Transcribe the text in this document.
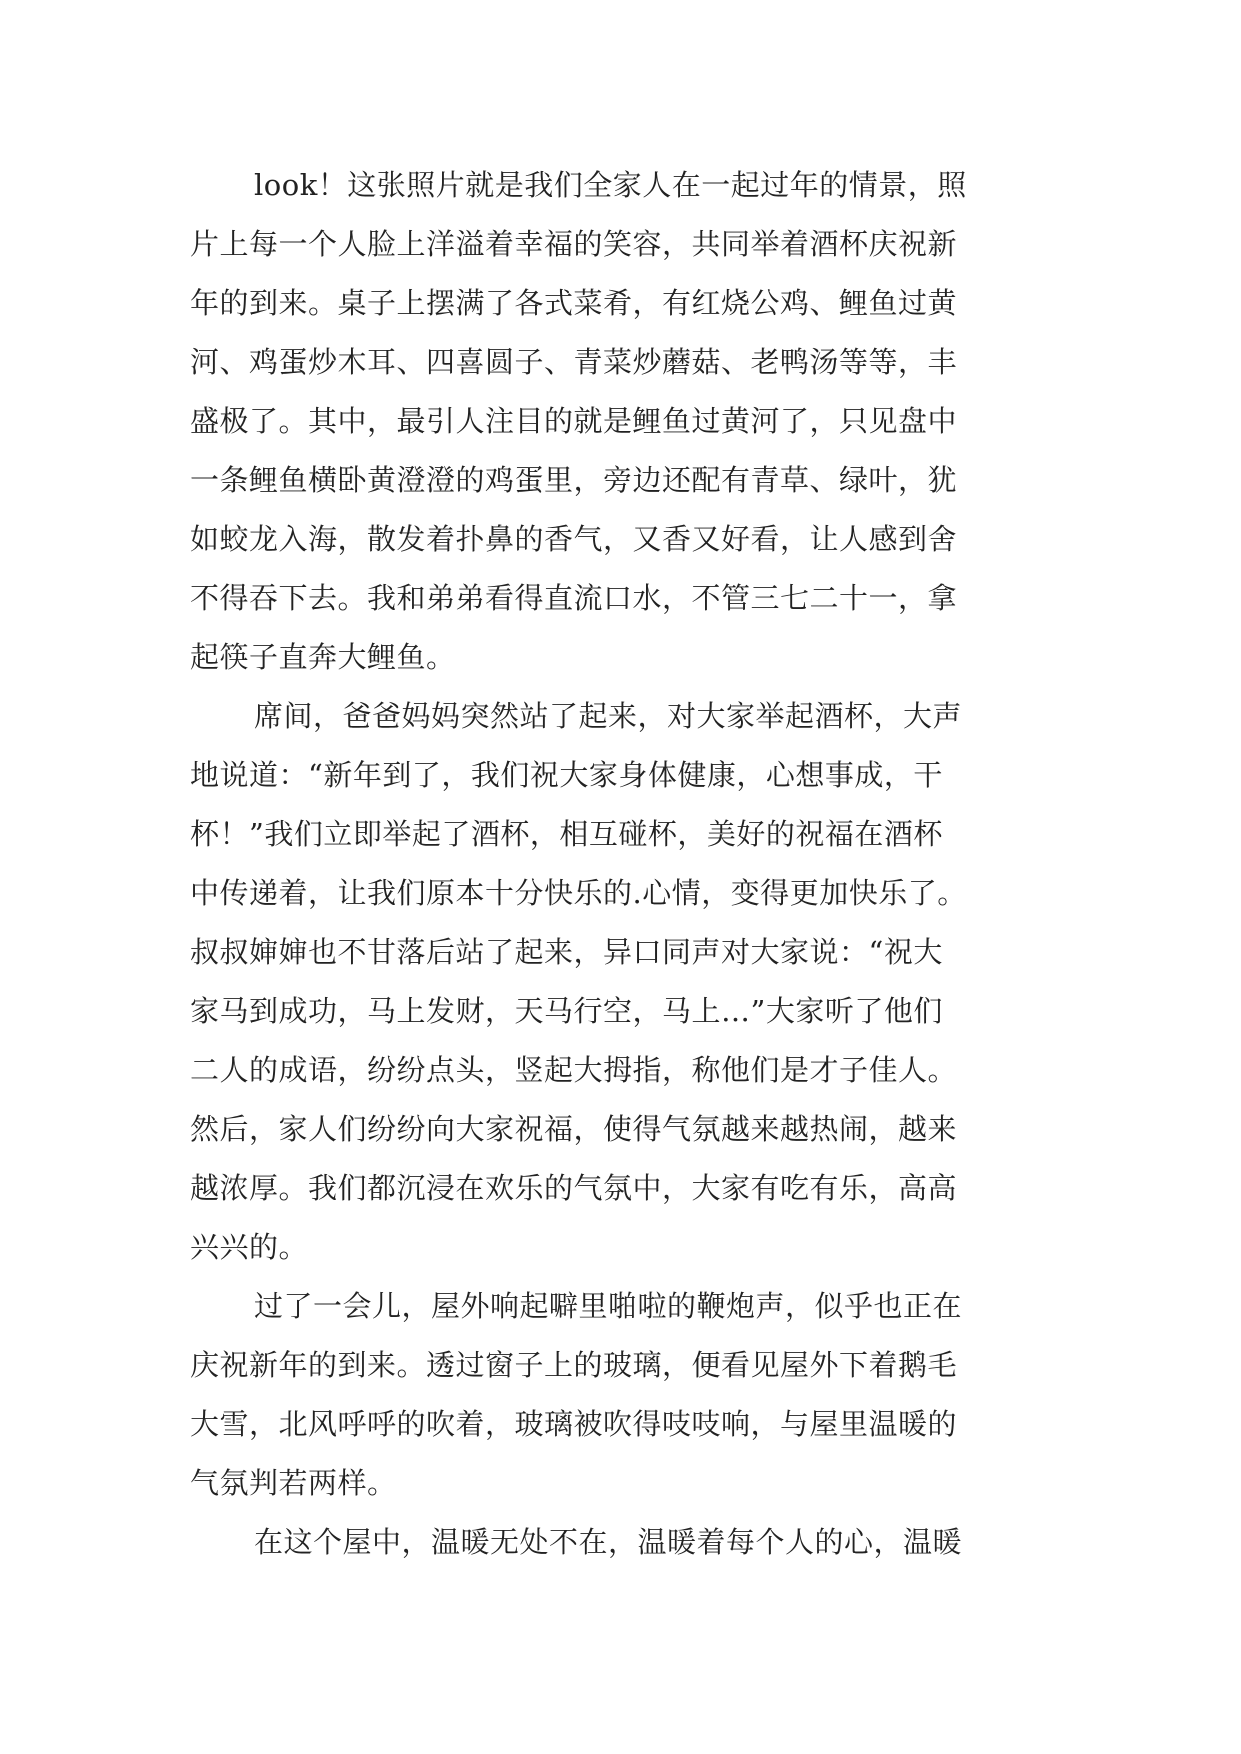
look！这张照片就是我们全家人在一起过年的情景，照
片上每一个人脸上洋溢着幸福的笑容，共同举着酒杯庆祝新
年的到来。桌子上摆满了各式菜肴，有红烧公鸡、鲤鱼过黄
河、鸡蛋炒木耳、四喜圆子、青菜炒蘑菇、老鸭汤等等，丰
盛极了。其中，最引人注目的就是鲤鱼过黄河了，只见盘中
一条鲤鱼横卧黄澄澄的鸡蛋里，旁边还配有青草、绿叶，犹
如蛟龙入海，散发着扑鼻的香气，又香又好看，让人感到舍
不得吞下去。我和弟弟看得直流口水，不管三七二十一，拿
起筷子直奔大鲤鱼。
席间，爸爸妈妈突然站了起来，对大家举起酒杯，大声
地说道：“新年到了，我们祝大家身体健康，心想事成，干
杯！”我们立即举起了酒杯，相互碰杯，美好的祝福在酒杯
中传递着，让我们原本十分快乐的.心情，变得更加快乐了。
叔叔婶婶也不甘落后站了起来，异口同声对大家说：“祝大
家马到成功，马上发财，天马行空，马上…”大家听了他们
二人的成语，纷纷点头，竖起大拇指，称他们是才子佳人。
然后，家人们纷纷向大家祝福，使得气氛越来越热闹，越来
越浓厚。我们都沉浸在欢乐的气氛中，大家有吃有乐，高高
兴兴的。
过了一会儿，屋外响起噼里啪啦的鞭炮声，似乎也正在
庆祝新年的到来。透过窗子上的玻璃，便看见屋外下着鹅毛
大雪，北风呼呼的吹着，玻璃被吹得吱吱响，与屋里温暖的
气氛判若两样。
在这个屋中，温暖无处不在，温暖着每个人的心，温暖
